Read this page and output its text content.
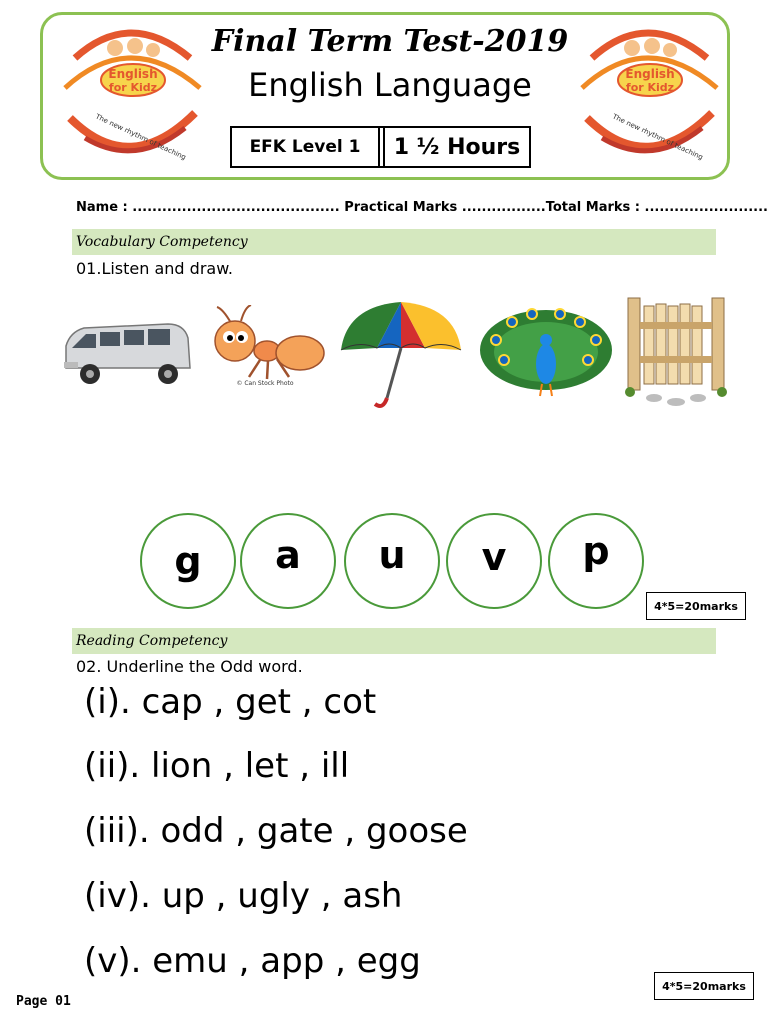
English
for Kidz
The new rhythm of teaching
English
for Kidz
The new rhythm of teaching
Final Term Test-2019
English Language
EFK Level 1	1 ½ Hours
Name : .......................................... Practical Marks .................Total Marks : .........................
Vocabulary Competency
01.Listen and draw.
© Can Stock Photo
g a u v p
4*5=20marks
Reading Competency
02. Underline the Odd word.
(i). cap , get , cot
(ii). lion , let , ill
(iii). odd , gate , goose
(iv). up , ugly , ash
(v). emu , app , egg
4*5=20marks
Page 01
